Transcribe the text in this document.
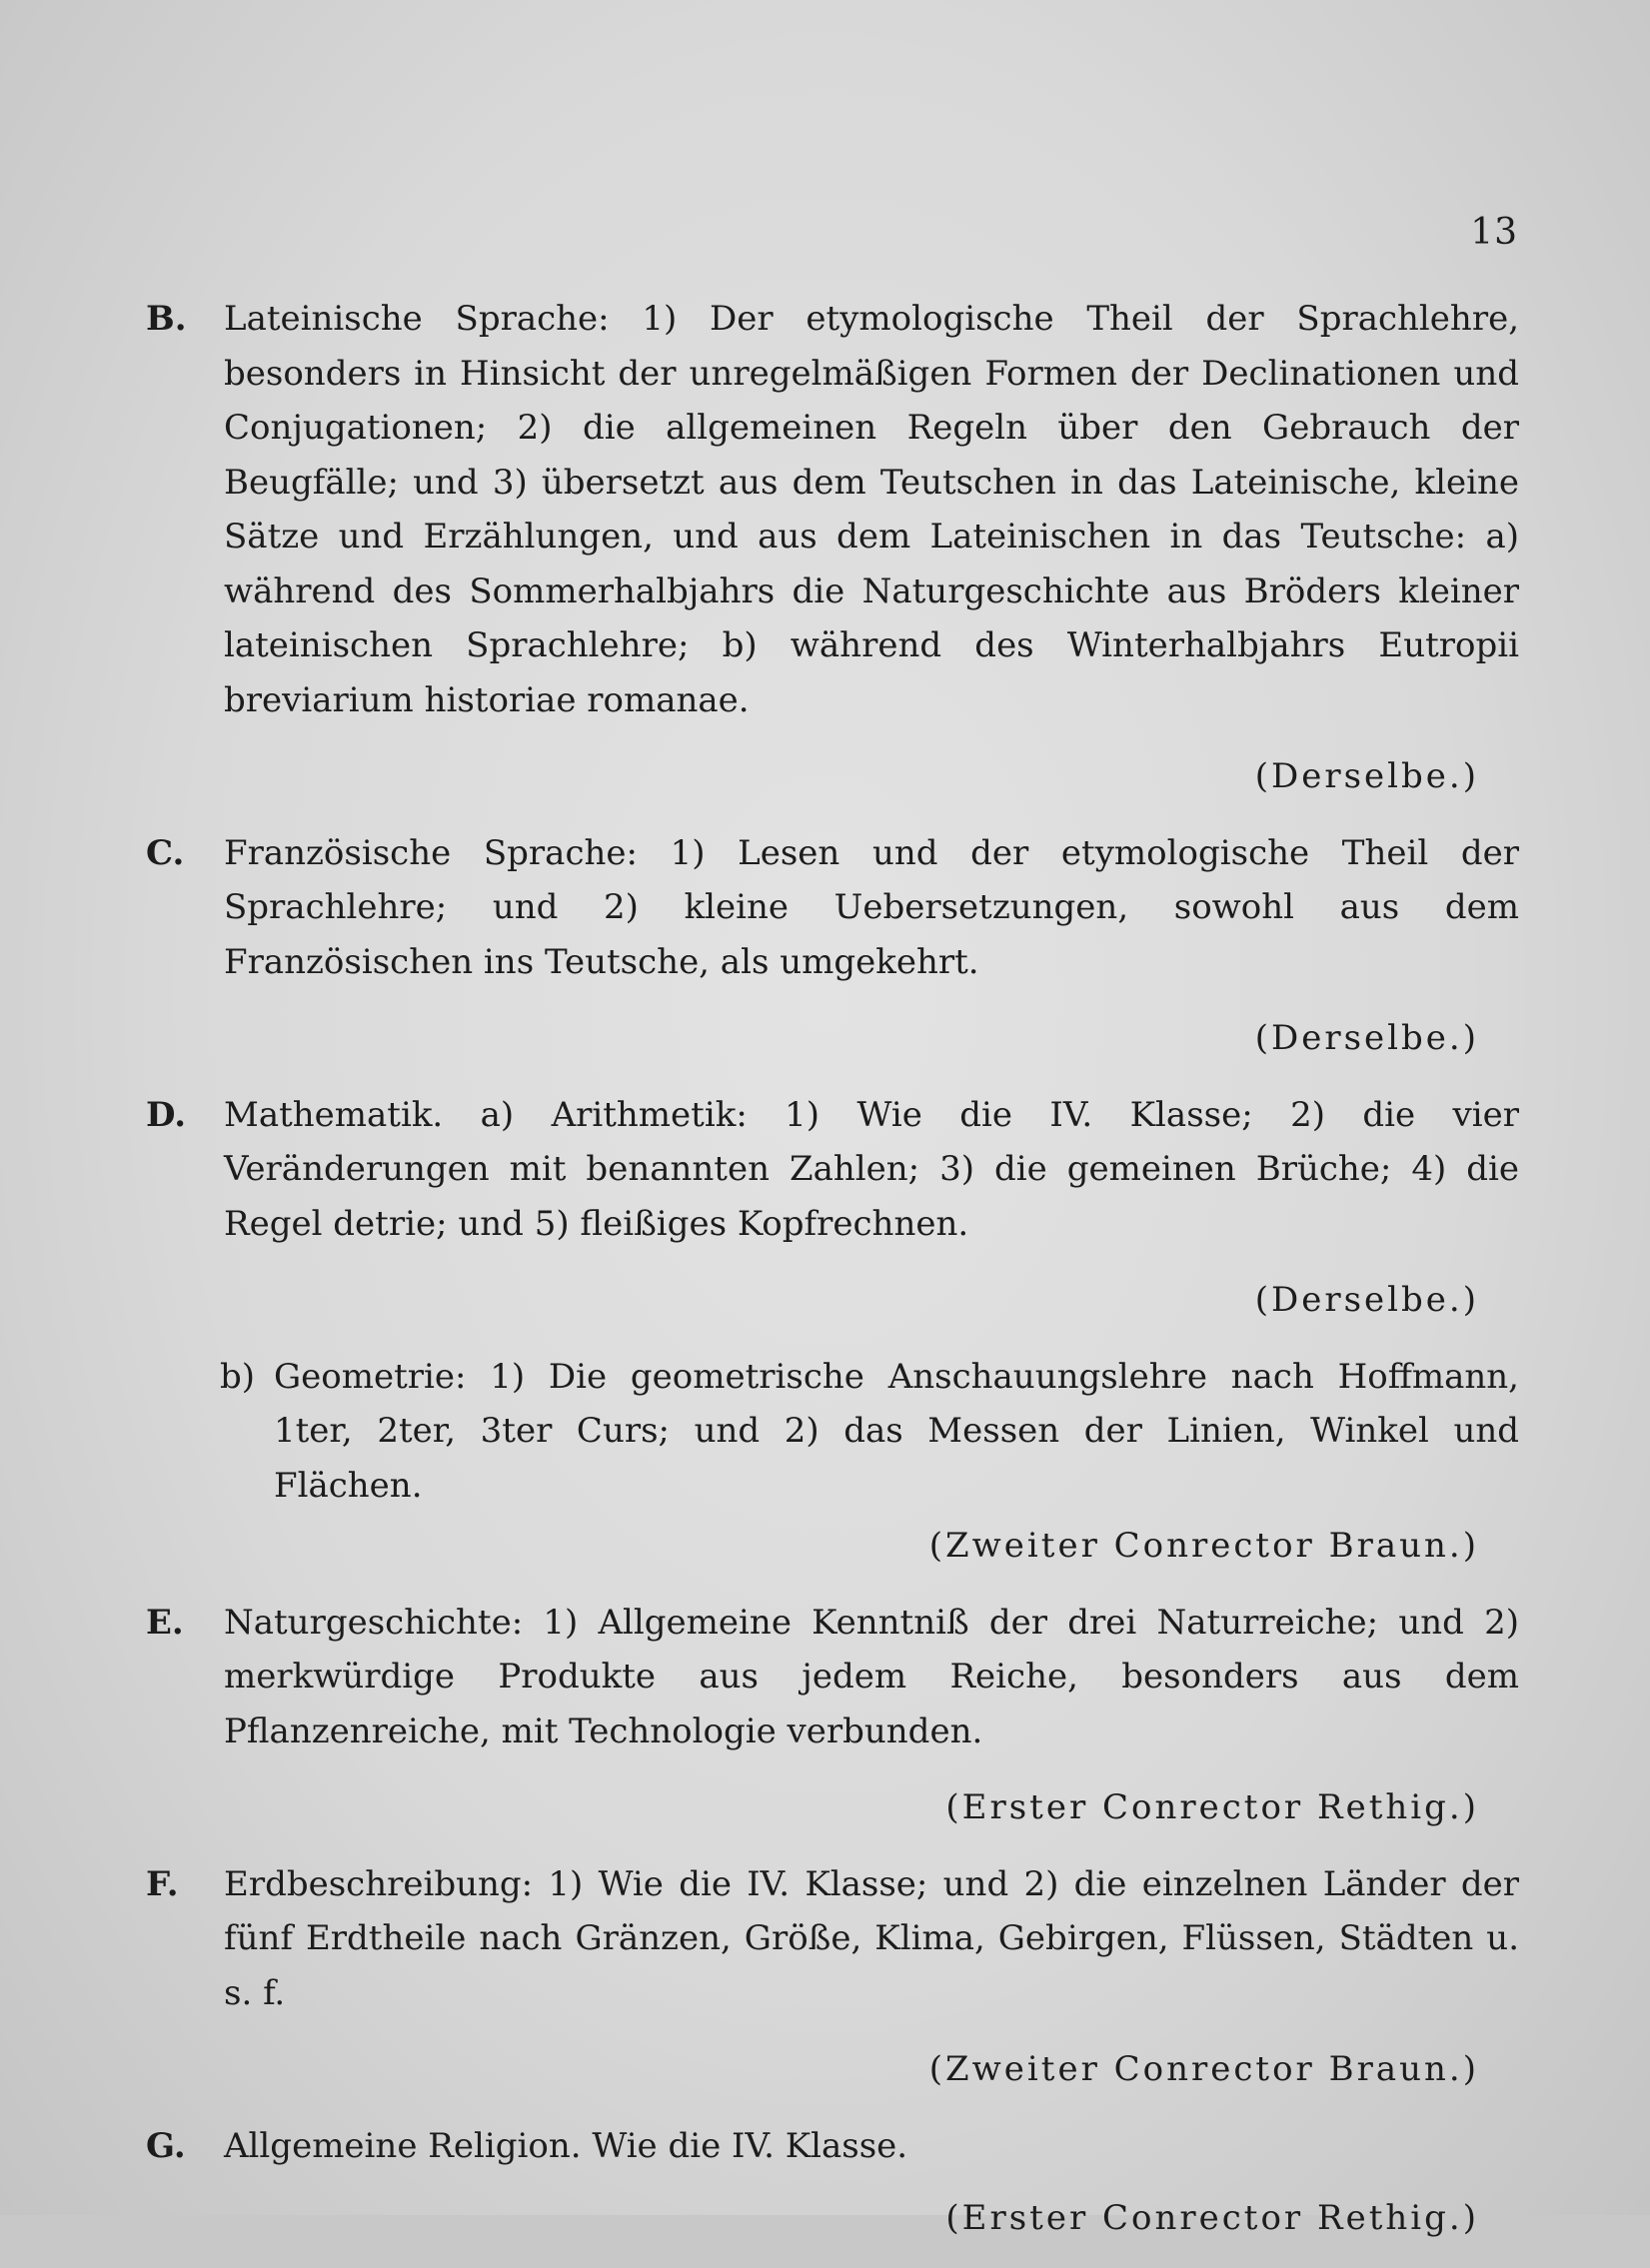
13
B. Lateinische Sprache: 1) Der etymologische Theil der Sprachlehre, besonders in Hinsicht der unregelmäßigen Formen der Declinationen und Conjugationen; 2) die allgemeinen Regeln über den Gebrauch der Beugfälle; und 3) übersetzt aus dem Teutschen in das Lateinische, kleine Sätze und Erzählungen, und aus dem Lateinischen in das Teutsche: a) während des Sommerhalbjahrs die Naturgeschichte aus Bröders kleiner lateinischen Sprachlehre; b) während des Winterhalbjahrs Eutropii breviarium historiae romanae.
(Derselbe.)
C. Französische Sprache: 1) Lesen und der etymologische Theil der Sprachlehre; und 2) kleine Uebersetzungen, sowohl aus dem Französischen ins Teutsche, als umgekehrt.
(Derselbe.)
D. Mathematik. a) Arithmetik: 1) Wie die IV. Klasse; 2) die vier Veränderungen mit benannten Zahlen; 3) die gemeinen Brüche; 4) die Regel detrie; und 5) fleißiges Kopfrechnen.
(Derselbe.)
b) Geometrie: 1) Die geometrische Anschauungslehre nach Hoffmann, 1ter, 2ter, 3ter Curs; und 2) das Messen der Linien, Winkel und Flächen.
(Zweiter Conrector Braun.)
E. Naturgeschichte: 1) Allgemeine Kenntniß der drei Naturreiche; und 2) merkwürdige Produkte aus jedem Reiche, besonders aus dem Pflanzenreiche, mit Technologie verbunden.
(Erster Conrector Rethig.)
F. Erdbeschreibung: 1) Wie die IV. Klasse; und 2) die einzelnen Länder der fünf Erdtheile nach Gränzen, Größe, Klima, Gebirgen, Flüssen, Städten u. s. f.
(Zweiter Conrector Braun.)
G. Allgemeine Religion. Wie die IV. Klasse.
(Erster Conrector Rethig.)
